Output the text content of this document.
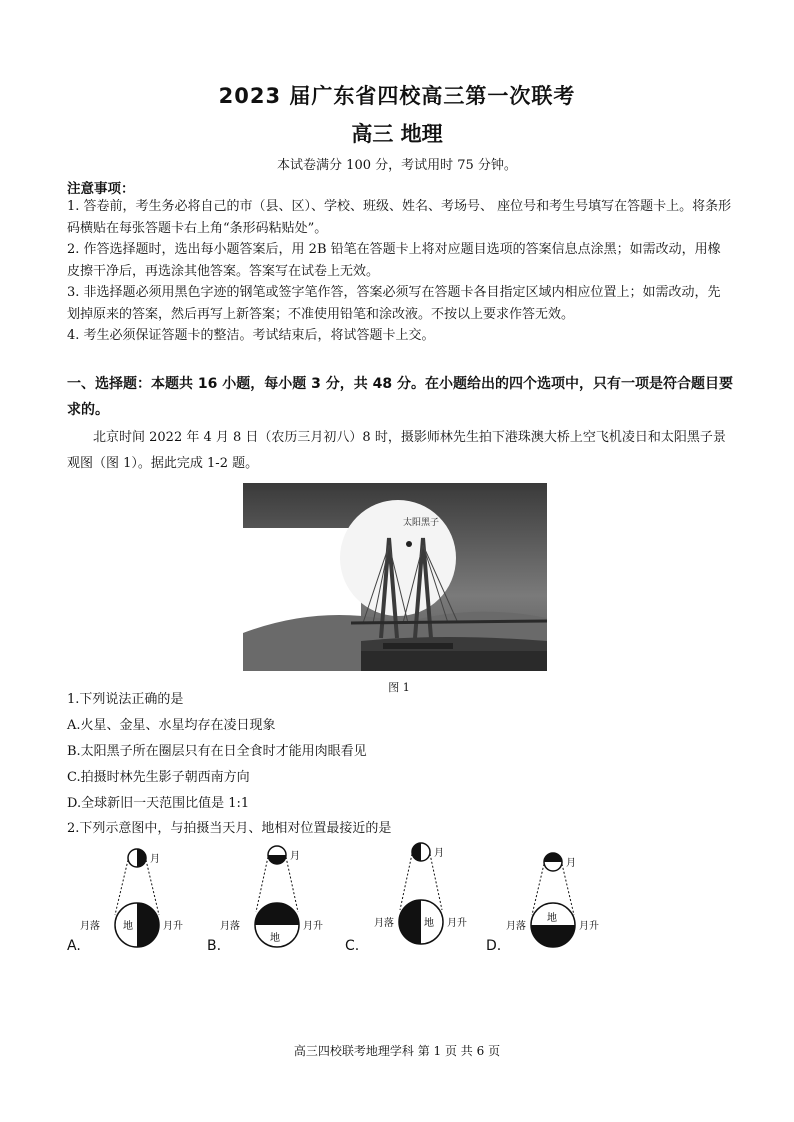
2023 届广东省四校高三第一次联考
高三 地理
本试卷满分 100 分，考试用时 75 分钟。
注意事项：

1. 答卷前，考生务必将自己的市（县、区）、学校、班级、姓名、考场号、 座位号和考生号填写在答题卡上。将条形码横贴在每张答题卡右上角“条形码粘贴处”。

2. 作答选择题时，选出每小题答案后，用 2B 铅笔在答题卡上将对应题目选项的答案信息点涂黑；如需改动，用橡皮擦干净后，再选涂其他答案。答案写在试卷上无效。

3. 非选择题必须用黑色字迹的钢笔或签字笔作答，答案必须写在答题卡各目指定区域内相应位置上；如需改动，先划掉原来的答案，然后再写上新答案；不准使用铅笔和涂改液。不按以上要求作答无效。

4. 考生必须保证答题卡的整洁。考试结束后，将试答题卡上交。

一、选择题：本题共 16 小题，每小题 3 分，共 48 分。在小题给出的四个选项中，只有一项是符合题目要求的。
北京时间 2022 年 4 月 8 日（农历三月初八）8 时，摄影师林先生拍下港珠澳大桥上空飞机凌日和太阳黑子景观图（图 1）。据此完成 1-2 题。
太阳黑子
图 1
1.下列说法正确的是
A.火星、金星、水星均存在凌日现象
B.太阳黑子所在圈层只有在日全食时才能用肉眼看见
C.拍摄时林先生影子朝西南方向
D.全球新旧一天范围比值是 1:1
2.下列示意图中，与拍摄当天月、地相对位置最接近的是
月
地
月落	月升
A.
月
地
月落	月升
B.
月
地
月落	月升
C.
月
地
月落	月升
D.
高三四校联考地理学科 第 1 页 共 6 页
